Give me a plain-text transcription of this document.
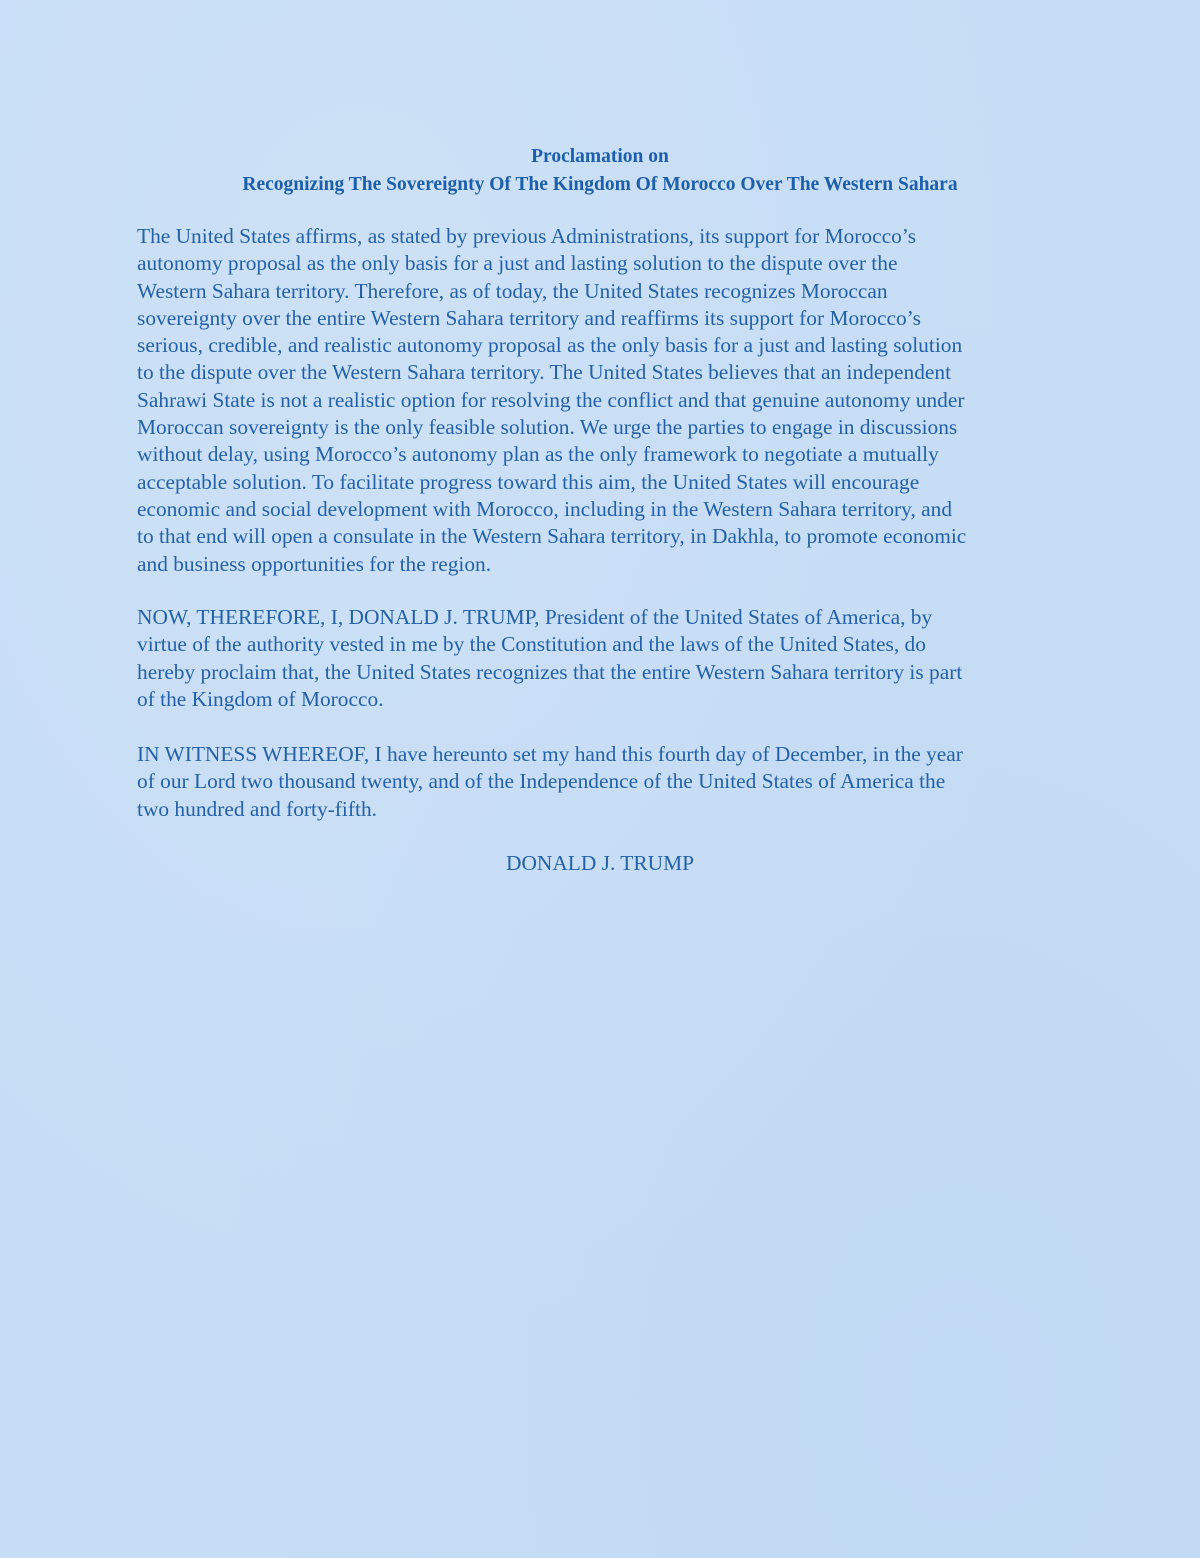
Proclamation on
Recognizing The Sovereignty Of The Kingdom Of Morocco Over The Western Sahara
The United States affirms, as stated by previous Administrations, its support for Morocco’s
autonomy proposal as the only basis for a just and lasting solution to the dispute over the
Western Sahara territory. Therefore, as of today, the United States recognizes Moroccan
sovereignty over the entire Western Sahara territory and reaffirms its support for Morocco’s
serious, credible, and realistic autonomy proposal as the only basis for a just and lasting solution
to the dispute over the Western Sahara territory. The United States believes that an independent
Sahrawi State is not a realistic option for resolving the conflict and that genuine autonomy under
Moroccan sovereignty is the only feasible solution. We urge the parties to engage in discussions
without delay, using Morocco’s autonomy plan as the only framework to negotiate a mutually
acceptable solution. To facilitate progress toward this aim, the United States will encourage
economic and social development with Morocco, including in the Western Sahara territory, and
to that end will open a consulate in the Western Sahara territory, in Dakhla, to promote economic
and business opportunities for the region.
NOW, THEREFORE, I, DONALD J. TRUMP, President of the United States of America, by
virtue of the authority vested in me by the Constitution and the laws of the United States, do
hereby proclaim that, the United States recognizes that the entire Western Sahara territory is part
of the Kingdom of Morocco.
IN WITNESS WHEREOF, I have hereunto set my hand this fourth day of December, in the year
of our Lord two thousand twenty, and of the Independence of the United States of America the
two hundred and forty-fifth.
DONALD J. TRUMP
